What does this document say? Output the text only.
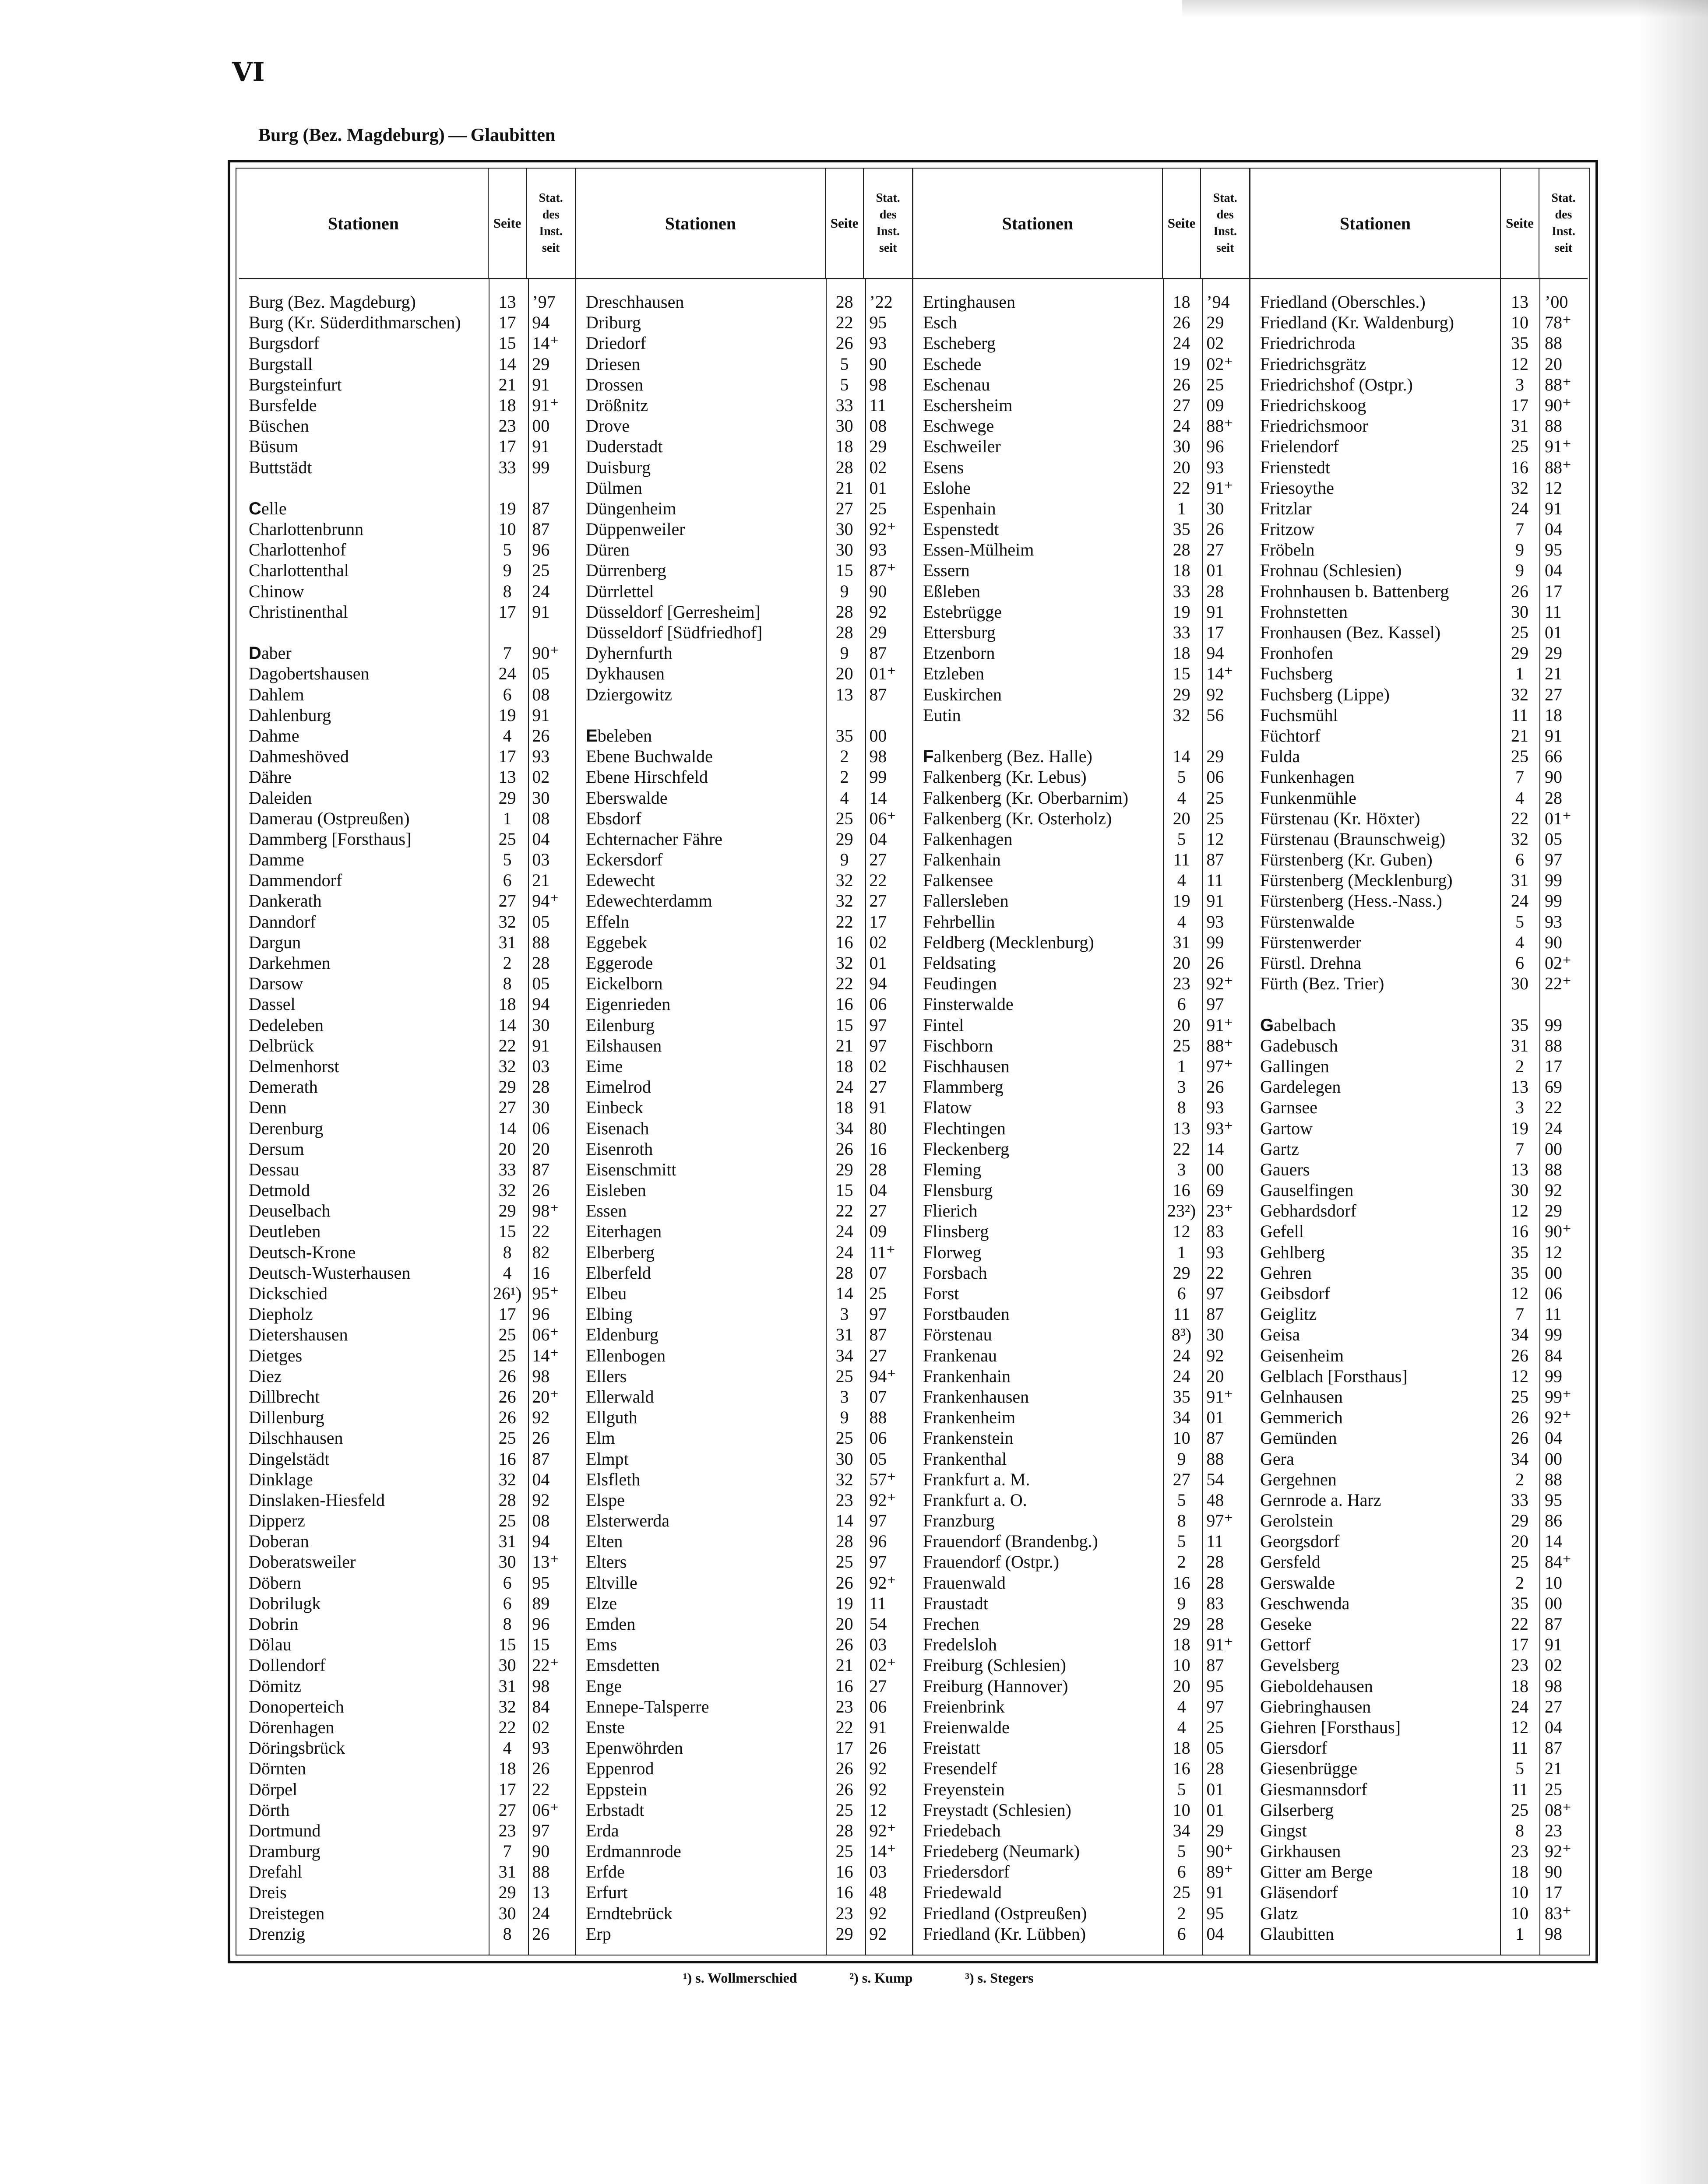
VI
Burg (Bez. Magdeburg) — Glaubitten
Stationen	Seite
Stat.
des
Inst.
seit
Burg (Bez. Magdeburg)	13 ’97
Burg (Kr. Süderdithmarschen)	17 94
Burgsdorf	15 14⁺
Burgstall	14 29
Burgsteinfurt	21 91
Bursfelde	18 91⁺
Büschen	23 00
Büsum	17 91
Buttstädt	33 99
Celle	19 87
Charlottenbrunn	10 87
Charlottenhof	5	96
Charlottenthal	9	25
Chinow	8	24
Christinenthal	17 91
Daber	7	90⁺
Dagobertshausen	24 05
Dahlem	6	08
Dahlenburg	19 91
Dahme	4	26
Dahmeshöved	17 93
Dähre	13 02
Daleiden	29 30
Damerau (Ostpreußen)	1	08
Dammberg [Forsthaus]	25 04
Damme	5	03
Dammendorf	6	21
Dankerath	27 94⁺
Danndorf	32 05
Dargun	31 88
Darkehmen	2	28
Darsow	8	05
Dassel	18 94
Dedeleben	14 30
Delbrück	22 91
Delmenhorst	32 03
Demerath	29 28
Denn	27 30
Derenburg	14 06
Dersum	20 20
Dessau	33 87
Detmold	32 26
Deuselbach	29 98⁺
Deutleben	15 22
Deutsch-Krone	8	82
Deutsch-Wusterhausen	4	16
Dickschied	26¹) 95⁺
Diepholz	17 96
Dietershausen	25 06⁺
Dietges	25 14⁺
Diez	26 98
Dillbrecht	26 20⁺
Dillenburg	26 92
Dilschhausen	25 26
Dingelstädt	16 87
Dinklage	32 04
Dinslaken-Hiesfeld	28 92
Dipperz	25 08
Doberan	31 94
Doberatsweiler	30 13⁺
Döbern	6	95
Dobrilugk	6	89
Dobrin	8	96
Dölau	15 15
Dollendorf	30 22⁺
Dömitz	31 98
Donoperteich	32 84
Dörenhagen	22 02
Döringsbrück	4	93
Dörnten	18 26
Dörpel	17 22
Dörth	27 06⁺
Dortmund	23 97
Dramburg	7	90
Drefahl	31 88
Dreis	29 13
Dreistegen	30 24
Drenzig	8	26
Stationen	Seite
Stat.
des
Inst.
seit
Dreschhausen	28 ’22
Driburg	22 95
Driedorf	26 93
Driesen	5	90
Drossen	5	98
Drößnitz	33 11
Drove	30 08
Duderstadt	18 29
Duisburg	28 02
Dülmen	21 01
Düngenheim	27 25
Düppenweiler	30 92⁺
Düren	30 93
Dürrenberg	15 87⁺
Dürrlettel	9	90
Düsseldorf [Gerresheim]	28 92
Düsseldorf [Südfriedhof]	28 29
Dyhernfurth	9	87
Dykhausen	20 01⁺
Dziergowitz	13 87
Ebeleben	35 00
Ebene Buchwalde	2	98
Ebene Hirschfeld	2	99
Eberswalde	4	14
Ebsdorf	25 06⁺
Echternacher Fähre	29 04
Eckersdorf	9	27
Edewecht	32 22
Edewechterdamm	32 27
Effeln	22 17
Eggebek	16 02
Eggerode	32 01
Eickelborn	22 94
Eigenrieden	16 06
Eilenburg	15 97
Eilshausen	21 97
Eime	18 02
Eimelrod	24 27
Einbeck	18 91
Eisenach	34 80
Eisenroth	26 16
Eisenschmitt	29 28
Eisleben	15 04
Essen	22 27
Eiterhagen	24 09
Elberberg	24 11⁺
Elberfeld	28 07
Elbeu	14 25
Elbing	3	97
Eldenburg	31 87
Ellenbogen	34 27
Ellers	25 94⁺
Ellerwald	3	07
Ellguth	9	88
Elm	25 06
Elmpt	30 05
Elsfleth	32 57⁺
Elspe	23 92⁺
Elsterwerda	14 97
Elten	28 96
Elters	25 97
Eltville	26 92⁺
Elze	19 11
Emden	20 54
Ems	26 03
Emsdetten	21 02⁺
Enge	16 27
Ennepe-Talsperre	23 06
Enste	22 91
Epenwöhrden	17 26
Eppenrod	26 92
Eppstein	26 92
Erbstadt	25 12
Erda	28 92⁺
Erdmannrode	25 14⁺
Erfde	16 03
Erfurt	16 48
Erndtebrück	23 92
Erp	29 92
Stationen	Seite
Stat.
des
Inst.
seit
Ertinghausen	18 ’94
Esch	26 29
Escheberg	24 02
Eschede	19 02⁺
Eschenau	26 25
Eschersheim	27 09
Eschwege	24 88⁺
Eschweiler	30 96
Esens	20 93
Eslohe	22 91⁺
Espenhain	1	30
Espenstedt	35 26
Essen-Mülheim	28 27
Essern	18 01
Eßleben	33 28
Estebrügge	19 91
Ettersburg	33 17
Etzenborn	18 94
Etzleben	15 14⁺
Euskirchen	29 92
Eutin	32 56
Falkenberg (Bez. Halle)	14 29
Falkenberg (Kr. Lebus)	5	06
Falkenberg (Kr. Oberbarnim)	4	25
Falkenberg (Kr. Osterholz)	20 25
Falkenhagen	5	12
Falkenhain	11 87
Falkensee	4	11
Fallersleben	19 91
Fehrbellin	4	93
Feldberg (Mecklenburg)	31 99
Feldsating	20 26
Feudingen	23 92⁺
Finsterwalde	6	97
Fintel	20 91⁺
Fischborn	25 88⁺
Fischhausen	1	97⁺
Flammberg	3	26
Flatow	8	93
Flechtingen	13 93⁺
Fleckenberg	22 14
Fleming	3	00
Flensburg	16 69
Flierich	23²) 23⁺
Flinsberg	12 83
Florweg	1	93
Forsbach	29 22
Forst	6	97
Forstbauden	11 87
Förstenau	8³) 30
Frankenau	24 92
Frankenhain	24 20
Frankenhausen	35 91⁺
Frankenheim	34 01
Frankenstein	10 87
Frankenthal	9	88
Frankfurt a. M.	27 54
Frankfurt a. O.	5	48
Franzburg	8	97⁺
Frauendorf (Brandenbg.)	5	11
Frauendorf (Ostpr.)	2	28
Frauenwald	16 28
Fraustadt	9	83
Frechen	29 28
Fredelsloh	18 91⁺
Freiburg (Schlesien)	10 87
Freiburg (Hannover)	20 95
Freienbrink	4	97
Freienwalde	4	25
Freistatt	18 05
Fresendelf	16 28
Freyenstein	5	01
Freystadt (Schlesien)	10 01
Friedebach	34 29
Friedeberg (Neumark)	5	90⁺
Friedersdorf	6	89⁺
Friedewald	25 91
Friedland (Ostpreußen)	2	95
Friedland (Kr. Lübben)	6	04
Stationen	Seite
Stat.
des
Inst.
seit
Friedland (Oberschles.)	13 ’00
Friedland (Kr. Waldenburg)	10 78⁺
Friedrichroda	35 88
Friedrichsgrätz	12 20
Friedrichshof (Ostpr.)	3	88⁺
Friedrichskoog	17 90⁺
Friedrichsmoor	31 88
Frielendorf	25 91⁺
Frienstedt	16 88⁺
Friesoythe	32 12
Fritzlar	24 91
Fritzow	7	04
Fröbeln	9	95
Frohnau (Schlesien)	9	04
Frohnhausen b. Battenberg	26 17
Frohnstetten	30 11
Fronhausen (Bez. Kassel)	25 01
Fronhofen	29 29
Fuchsberg	1	21
Fuchsberg (Lippe)	32 27
Fuchsmühl	11 18
Füchtorf	21 91
Fulda	25 66
Funkenhagen	7	90
Funkenmühle	4	28
Fürstenau (Kr. Höxter)	22 01⁺
Fürstenau (Braunschweig)	32 05
Fürstenberg (Kr. Guben)	6	97
Fürstenberg (Mecklenburg)	31 99
Fürstenberg (Hess.-Nass.)	24 99
Fürstenwalde	5	93
Fürstenwerder	4	90
Fürstl. Drehna	6	02⁺
Fürth (Bez. Trier)	30 22⁺
Gabelbach	35 99
Gadebusch	31 88
Gallingen	2	17
Gardelegen	13 69
Garnsee	3	22
Gartow	19 24
Gartz	7	00
Gauers	13 88
Gauselfingen	30 92
Gebhardsdorf	12 29
Gefell	16 90⁺
Gehlberg	35 12
Gehren	35 00
Geibsdorf	12 06
Geiglitz	7	11
Geisa	34 99
Geisenheim	26 84
Gelblach [Forsthaus]	12 99
Gelnhausen	25 99⁺
Gemmerich	26 92⁺
Gemünden	26 04
Gera	34 00
Gergehnen	2	88
Gernrode a. Harz	33 95
Gerolstein	29 86
Georgsdorf	20 14
Gersfeld	25 84⁺
Gerswalde	2	10
Geschwenda	35 00
Geseke	22 87
Gettorf	17 91
Gevelsberg	23 02
Gieboldehausen	18 98
Giebringhausen	24 27
Giehren [Forsthaus]	12 04
Giersdorf	11 87
Giesenbrügge	5	21
Giesmannsdorf	11 25
Gilserberg	25 08⁺
Gingst	8	23
Girkhausen	23 92⁺
Gitter am Berge	18 90
Gläsendorf	10 17
Glatz	10 83⁺
Glaubitten	1	98
¹) s. Wollmerschied	²) s. Kump	³) s. Stegers
